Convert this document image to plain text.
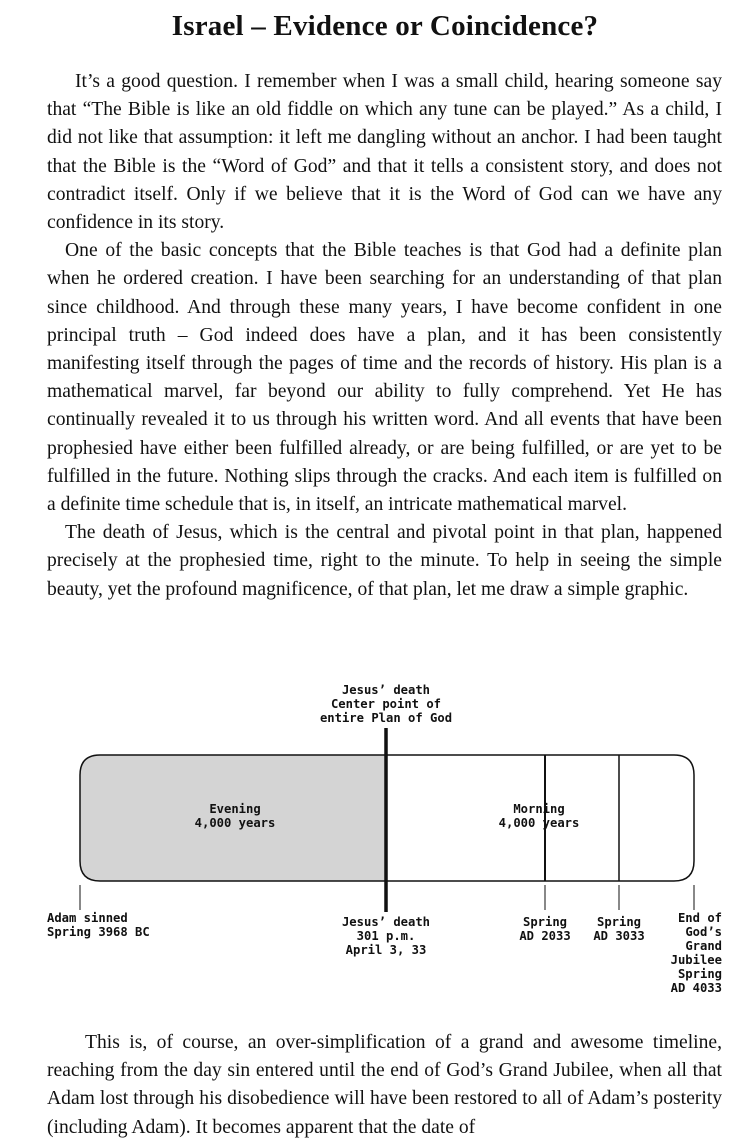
Israel – Evidence or Coincidence?

It’s a good question. I remember when I was a small child, hearing someone say that “The Bible is like an old fiddle on which any tune can be played.” As a child, I did not like that assumption: it left me dangling without an anchor. I had been taught that the Bible is the “Word of God” and that it tells a consistent story, and does not contradict itself. Only if we believe that it is the Word of God can we have any confidence in its story.

One of the basic concepts that the Bible teaches is that God had a definite plan when he ordered creation. I have been searching for an understanding of that plan since childhood. And through these many years, I have become confident in one principal truth – God indeed does have a plan, and it has been consistently manifesting itself through the pages of time and the records of history. His plan is a mathematical marvel, far beyond our ability to fully comprehend. Yet He has continually revealed it to us through his written word. And all events that have been prophesied have either been fulfilled already, or are being fulfilled, or are yet to be fulfilled in the future. Nothing slips through the cracks. And each item is fulfilled on a definite time schedule that is, in itself, an intricate mathematical marvel.

The death of Jesus, which is the central and pivotal point in that plan, happened precisely at the prophesied time, right to the minute. To help in seeing the simple beauty, yet the profound magnificence, of that plan, let me draw a simple graphic.

Jesus’ death
Center point of
entire Plan of God
Evening
4,000 years
Morning
4,000 years
Adam sinned
Spring 3968 BC
Jesus’ death
301 p.m.
April 3, 33
Spring
AD 2033
Spring
AD 3033
End of
God’s
Grand
Jubilee
Spring
AD 4033

This is, of course, an over-simplification of a grand and awesome timeline, reaching from the day sin entered until the end of God’s Grand Jubilee, when all that Adam lost through his disobedience will have been restored to all of Adam’s posterity (including Adam). It becomes apparent that the date of
